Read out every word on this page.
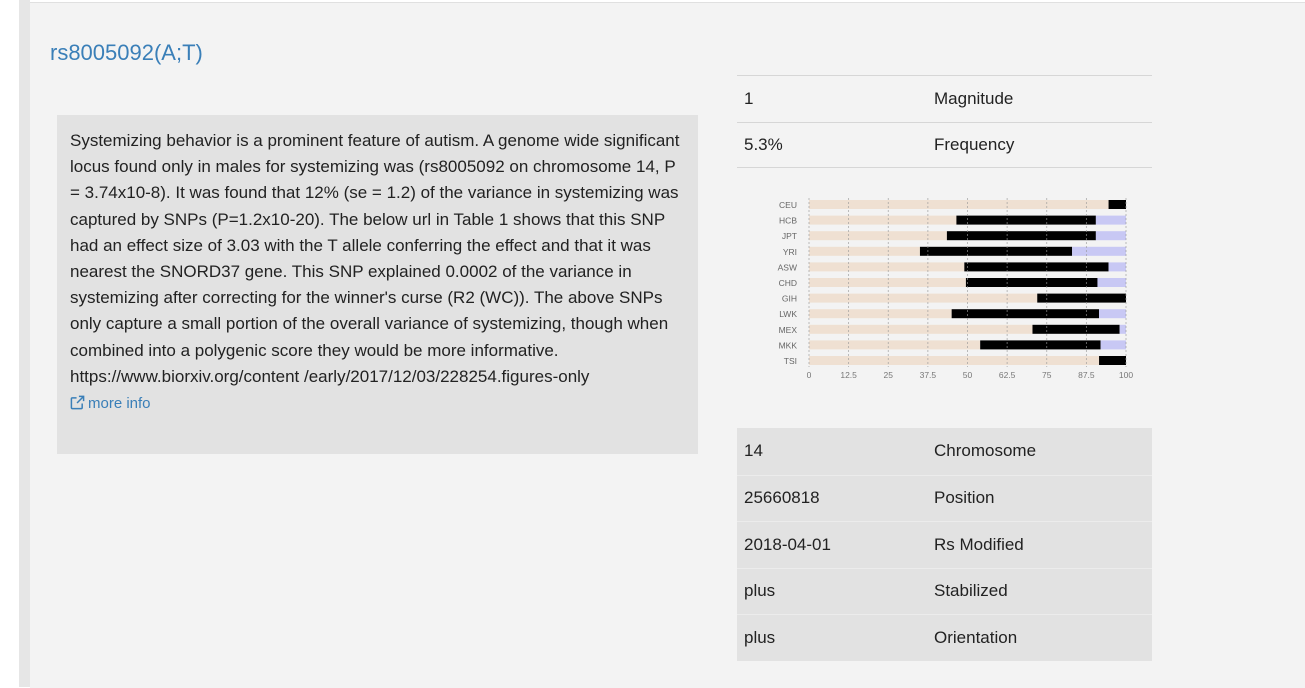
rs8005092(A;T)
Systemizing behavior is a prominent feature of autism. A genome wide significant locus found only in males for systemizing was (rs8005092 on chromosome 14, P = 3.74x10-8). It was found that 12% (se = 1.2) of the variance in systemizing was captured by SNPs (P=1.2x10-20). The below url in Table 1 shows that this SNP had an effect size of 3.03 with the T allele conferring the effect and that it was nearest the SNORD37 gene. This SNP explained 0.0002 of the variance in systemizing after correcting for the winner's curse (R2 (WC)). The above SNPs only capture a small portion of the overall variance of systemizing, though when combined into a polygenic score they would be more informative. https://www.biorxiv.org/content /early/2017/12/03/228254.figures-only
more info
1	Magnitude
5.3%	Frequency
CEU
HCB
JPT
YRI
ASW
CHD
GIH
LWK
MEX
MKK
TSI
0	12.5	25	37.5	50	62.5	75	87.5	100
14	Chromosome
25660818	Position
2018-04-01	Rs Modified
plus	Stabilized
plus	Orientation
